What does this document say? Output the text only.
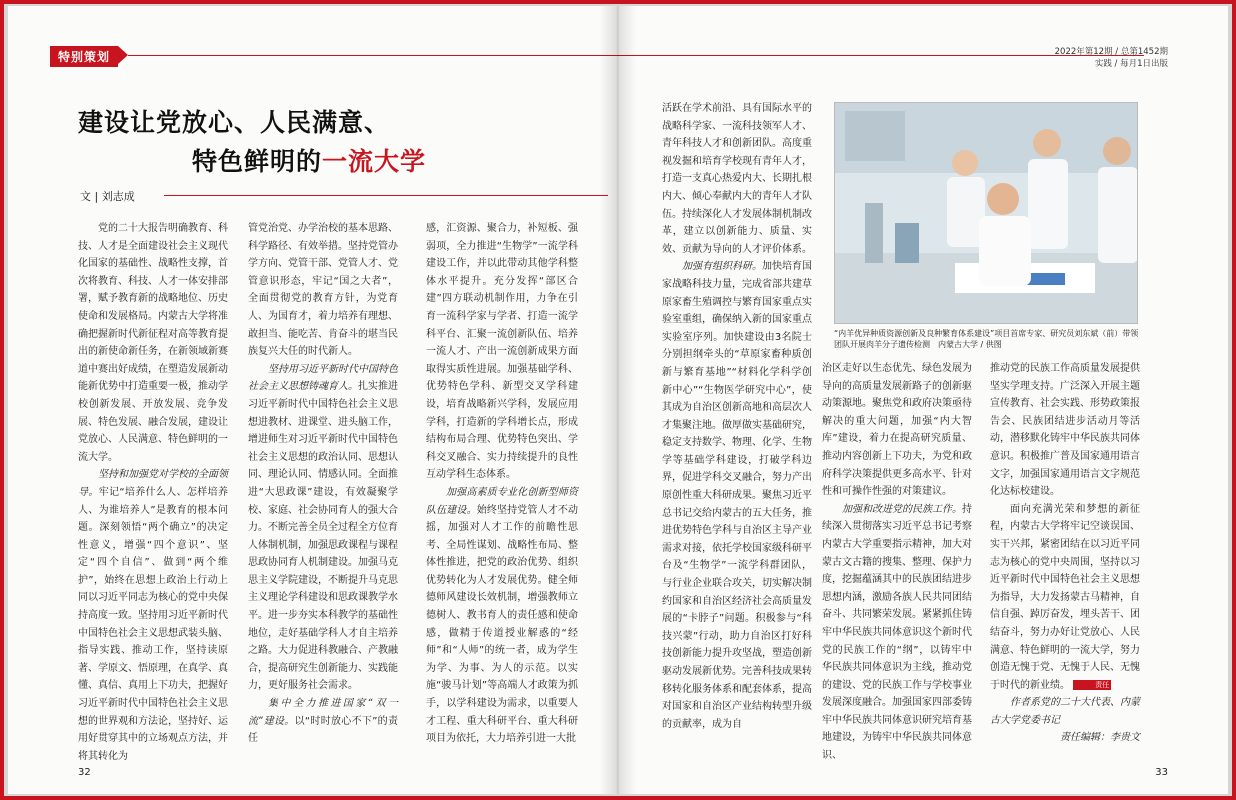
特别策划
建设让党放心、人民满意、
特色鲜明的一流大学
文 | 刘志成

党的二十大报告明确教育、科技、人才是全面建设社会主义现代化国家的基础性、战略性支撑，首次将教育、科技、人才一体安排部署，赋予教育新的战略地位、历史使命和发展格局。内蒙古大学将准确把握新时代新征程对高等教育提出的新使命新任务，在新领域新赛道中赛出好成绩，在塑造发展新动能新优势中打造重要一极，推动学校创新发展、开放发展、竞争发展、特色发展、融合发展，建设让党放心、人民满意、特色鲜明的一流大学。

坚持和加强党对学校的全面领导。牢记“培养什么人、怎样培养人、为谁培养人”是教育的根本问题。深刻领悟“两个确立”的决定性意义，增强“四个意识”、坚定“四个自信”、做到“两个维护”，始终在思想上政治上行动上同以习近平同志为核心的党中央保持高度一致。坚持用习近平新时代中国特色社会主义思想武装头脑、指导实践、推动工作，坚持读原著、学原文、悟原理，在真学、真懂、真信、真用上下功夫，把握好习近平新时代中国特色社会主义思想的世界观和方法论，坚持好、运用好贯穿其中的立场观点方法，并将其转化为

管党治党、办学治校的基本思路、科学路径、有效举措。坚持党管办学方向、党管干部、党管人才、党管意识形态，牢记“国之大者”，全面贯彻党的教育方针，为党育人、为国育才，着力培养有理想、敢担当、能吃苦、肯奋斗的堪当民族复兴大任的时代新人。

坚持用习近平新时代中国特色社会主义思想铸魂育人。扎实推进习近平新时代中国特色社会主义思想进教材、进课堂、进头脑工作，增进师生对习近平新时代中国特色社会主义思想的政治认同、思想认同、理论认同、情感认同。全面推进“大思政课”建设，有效凝聚学校、家庭、社会协同育人的强大合力。不断完善全员全过程全方位育人体制机制，加强思政课程与课程思政协同育人机制建设。加强马克思主义学院建设，不断提升马克思主义理论学科建设和思政课教学水平。进一步夯实本科教学的基础性地位，走好基础学科人才自主培养之路。大力促进科教融合、产教融合，提高研究生创新能力、实践能力，更好服务社会需求。

集中全力推进国家“双一流”建设。以“时时放心不下”的责任

感，汇资源、聚合力，补短板、强弱项，全力推进“生物学”一流学科建设工作，并以此带动其他学科整体水平提升。充分发挥“部区合建”四方联动机制作用，力争在引育一流科学家与学者、打造一流学科平台、汇聚一流创新队伍、培养一流人才、产出一流创新成果方面取得实质性进展。加强基础学科、优势特色学科、新型交叉学科建设，培育战略新兴学科，发展应用学科，打造新的学科增长点，形成结构布局合理、优势特色突出、学科交叉融合、实力持续提升的良性互动学科生态体系。

加强高素质专业化创新型师资队伍建设。始终坚持党管人才不动摇，加强对人才工作的前瞻性思考、全局性谋划、战略性布局、整体性推进，把党的政治优势、组织优势转化为人才发展优势。健全师德师风建设长效机制，增强教师立德树人、教书育人的责任感和使命感，做精于传道授业解惑的“经师”和“人师”的统一者，成为学生为学、为事、为人的示范。以实施“骏马计划”等高端人才政策为抓手，以学科建设为需求，以重要人才工程、重大科研平台、重大科研项目为依托，大力培养引进一大批

32
2022年第12期 / 总第1452期
实践 / 每月1日出版

活跃在学术前沿、具有国际水平的战略科学家、一流科技领军人才、青年科技人才和创新团队。高度重视发掘和培育学校现有青年人才，打造一支真心热爱内大、长期扎根内大、倾心奉献内大的青年人才队伍。持续深化人才发展体制机制改革，建立以创新能力、质量、实效、贡献为导向的人才评价体系。

加强有组织科研。加快培育国家战略科技力量，完成省部共建草原家畜生殖调控与繁育国家重点实验室重组，确保纳入新的国家重点实验室序列。加快建设由3名院士分别担纲牵头的“草原家畜种质创新与繁育基地”“材料化学科学创新中心”“生物医学研究中心”，使其成为自治区创新高地和高层次人才集聚注地。做厚做实基础研究，稳定支持数学、物理、化学、生物学等基础学科建设，打破学科边界，促进学科交叉融合，努力产出原创性重大科研成果。聚焦习近平总书记交给内蒙古的五大任务，推进优势特色学科与自治区主导产业需求对接，依托学校国家级科研平台及“生物学”一流学科群团队，与行业企业联合攻关，切实解决制约国家和自治区经济社会高质量发展的“卡脖子”问题。积极参与“科技兴蒙”行动，助力自治区打好科技创新能力提升攻坚战，塑造创新驱动发展新优势。完善科技成果转移转化服务体系和配套体系，提高对国家和自治区产业结构转型升级的贡献率，成为自

“内羊优异种质资源创新及良种繁育体系建设”项目首席专家、研究员刘东斌（前）带领团队开展肉羊分子遗传检测　内蒙古大学 / 供图

治区走好以生态优先、绿色发展为导向的高质量发展新路子的创新驱动策源地。聚焦党和政府决策亟待解决的重大问题，加强“内大智库”建设，着力在提高研究质量、推动内容创新上下功夫，为党和政府科学决策提供更多高水平、针对性和可操作性强的对策建议。

加强和改进党的民族工作。持续深入贯彻落实习近平总书记考察内蒙古大学重要指示精神，加大对蒙古文古籍的搜集、整理、保护力度，挖掘蕴涵其中的民族团结进步思想内涵，激励各族人民共同团结奋斗、共同繁荣发展。紧紧抓住铸牢中华民族共同体意识这个新时代党的民族工作的“纲”，以铸牢中华民族共同体意识为主线，推动党的建设、党的民族工作与学校事业发展深度融合。加强国家四部委铸牢中华民族共同体意识研究培育基地建设，为铸牢中华民族共同体意识、

推动党的民族工作高质量发展提供坚实学理支持。广泛深入开展主题宣传教育、社会实践、形势政策报告会、民族团结进步活动月等活动，潜移默化铸牢中华民族共同体意识。积极推广普及国家通用语言文字，加强国家通用语言文字规范化达标校建设。

面向充满光荣和梦想的新征程，内蒙古大学将牢记空谈误国、实干兴邦，紧密团结在以习近平同志为核心的党中央周围，坚持以习近平新时代中国特色社会主义思想为指导，大力发扬蒙古马精神，自信自强、踔厉奋发，埋头苦干、团结奋斗，努力办好让党放心、人民满意、特色鲜明的一流大学，努力创造无愧于党、无愧于人民、无愧于时代的新业绩。	责任

作者系党的二十大代表、内蒙古大学党委书记

责任编辑：李贵文

33
